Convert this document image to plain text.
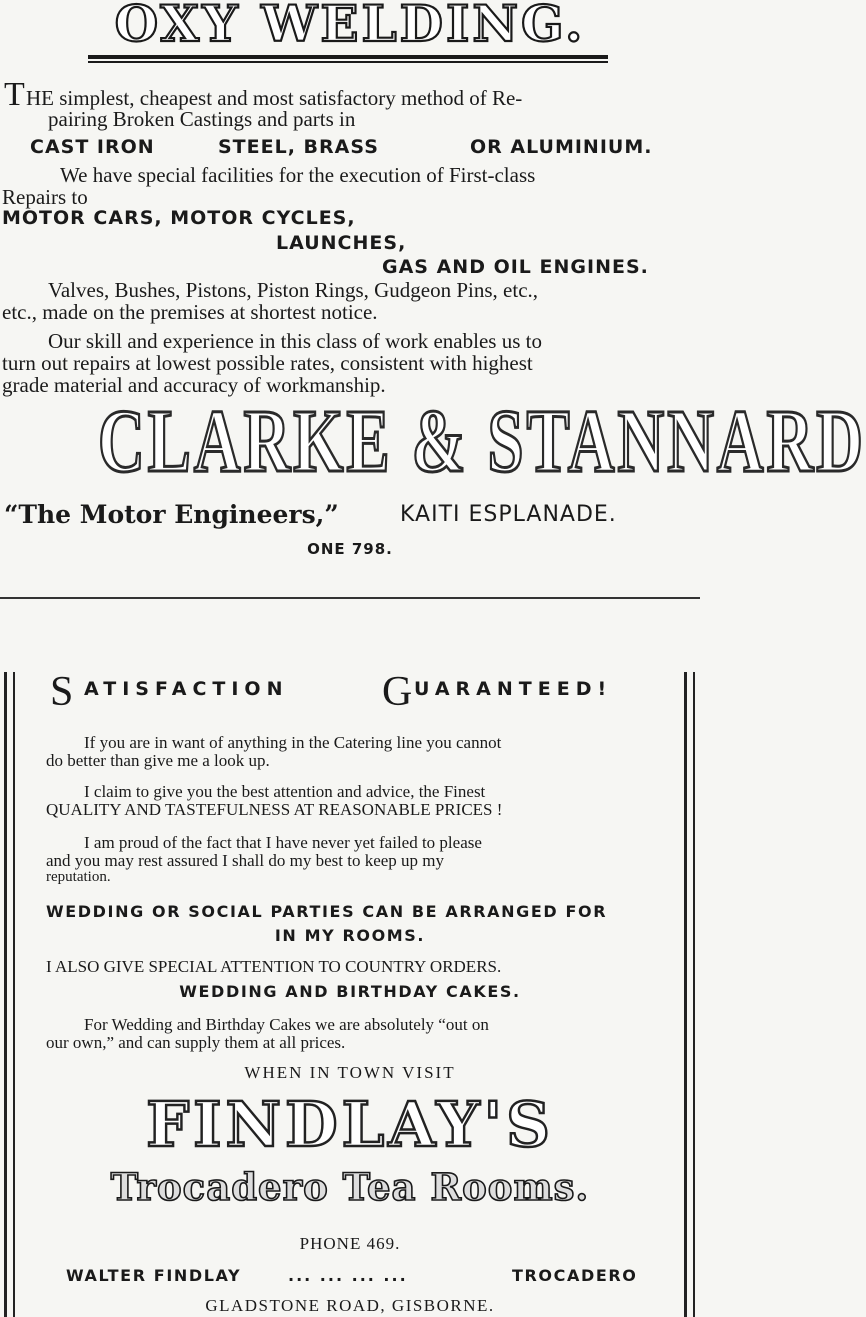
OXY WELDING.
T HE simplest, cheapest and most satisfactory method of Re-
pairing Broken Castings and parts in
CAST IRON	STEEL, BRASS	OR ALUMINIUM.
We have special facilities for the execution of First-class
Repairs to
MOTOR CARS, MOTOR CYCLES,
LAUNCHES,
GAS AND OIL ENGINES.
Valves, Bushes, Pistons, Piston Rings, Gudgeon Pins, etc.,
etc., made on the premises at shortest notice.
Our skill and experience in this class of work enables us to
turn out repairs at lowest possible rates, consistent with highest
grade material and accuracy of workmanship.
CLARKE & STANNARD
“The Motor Engineers,”	KAITI ESPLANADE.
ONE 798.
S ATISFACTION G UARANTEED!
If you are in want of anything in the Catering line you cannot
do better than give me a look up.
I claim to give you the best attention and advice, the Finest
QUALITY AND TASTEFULNESS AT REASONABLE PRICES !
I am proud of the fact that I have never yet failed to please
and you may rest assured I shall do my best to keep up my
reputation.
WEDDING OR SOCIAL PARTIES CAN BE ARRANGED FOR
IN MY ROOMS.
I ALSO GIVE SPECIAL ATTENTION TO COUNTRY ORDERS.
WEDDING AND BIRTHDAY CAKES.
For Wedding and Birthday Cakes we are absolutely “out on
our own,” and can supply them at all prices.
WHEN IN TOWN VISIT
FINDLAY'S
Trocadero Tea Rooms.
PHONE 469.
WALTER FINDLAY	... ... ... ...	TROCADERO
GLADSTONE ROAD, GISBORNE.
